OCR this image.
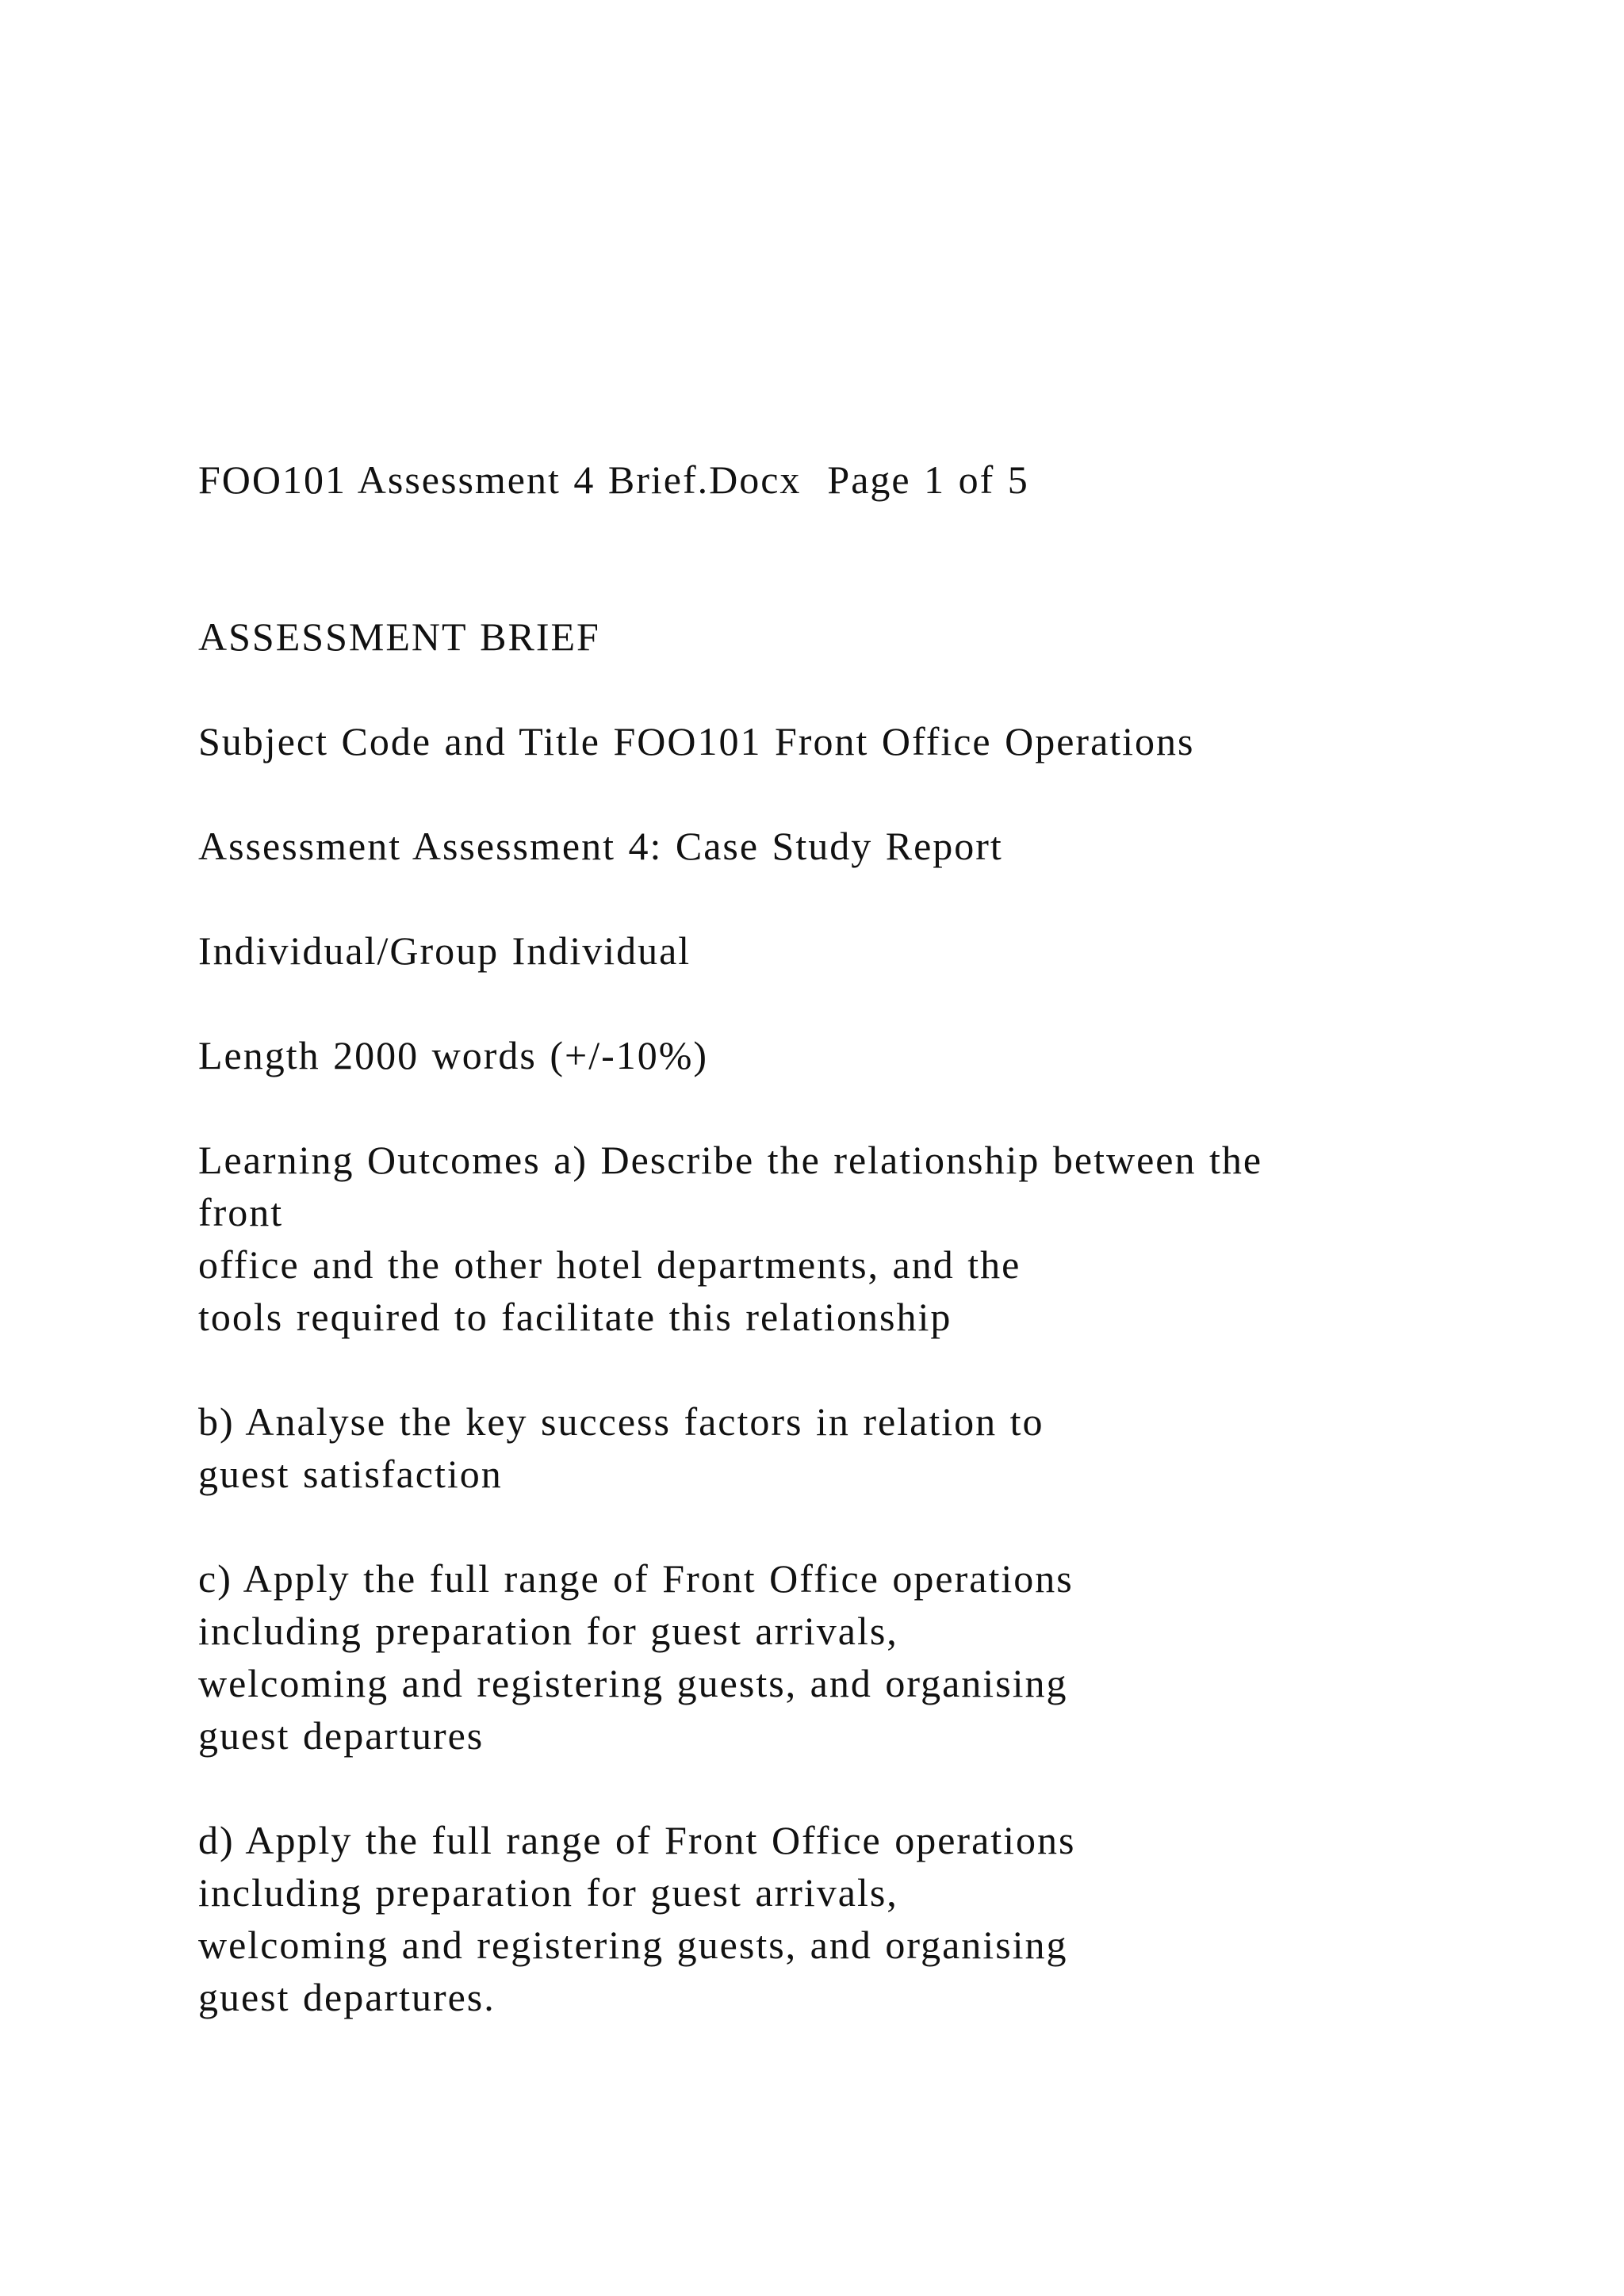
FOO101 Assessment 4 Brief.Docx  Page 1 of 5
ASSESSMENT BRIEF
Subject Code and Title FOO101 Front Office Operations
Assessment Assessment 4: Case Study Report
Individual/Group Individual
Length 2000 words (+/-10%)
Learning Outcomes a) Describe the relationship between the
front
office and the other hotel departments, and the
tools required to facilitate this relationship
b) Analyse the key success factors in relation to
guest satisfaction
c) Apply the full range of Front Office operations
including preparation for guest arrivals,
welcoming and registering guests, and organising
guest departures
d) Apply the full range of Front Office operations
including preparation for guest arrivals,
welcoming and registering guests, and organising
guest departures.
